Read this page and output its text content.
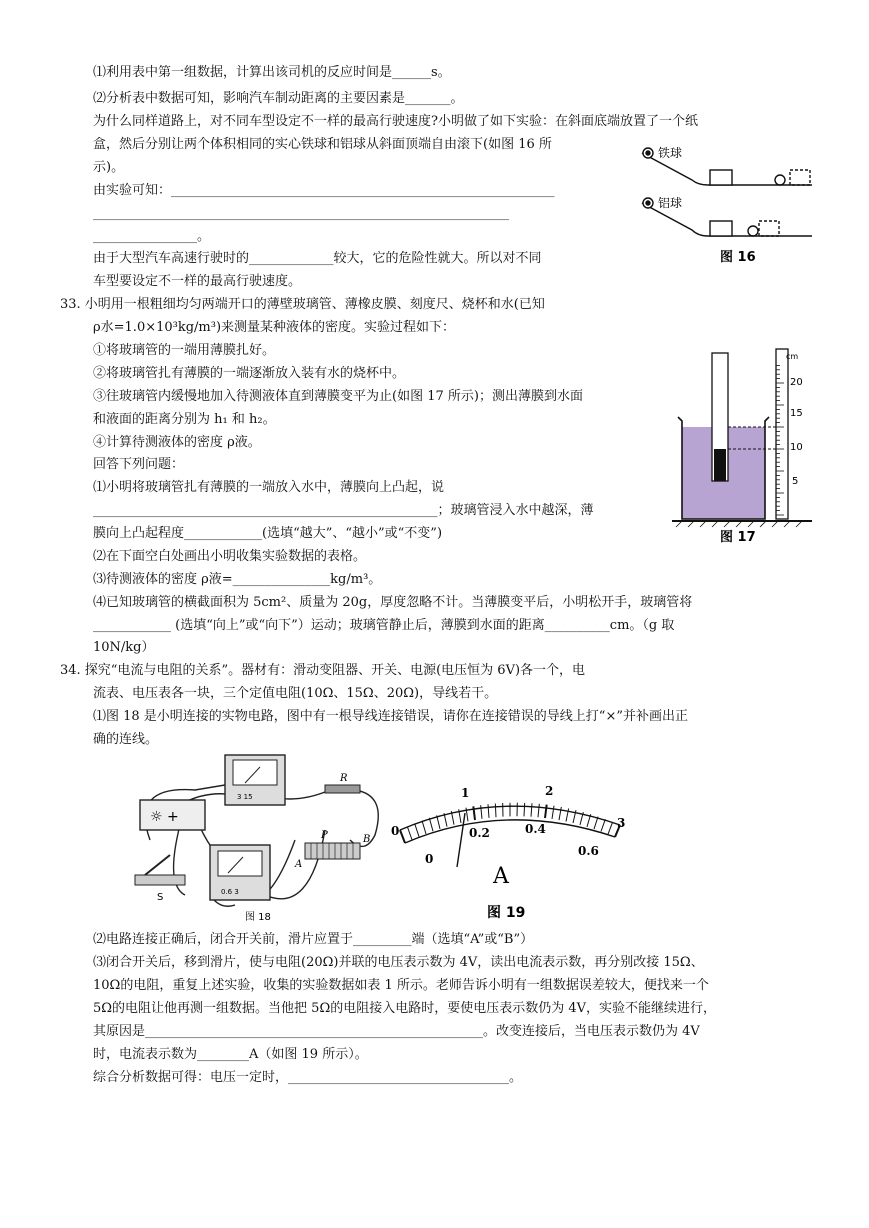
⑴利用表中第一组数据，计算出该司机的反应时间是______s。
⑵分析表中数据可知，影响汽车制动距离的主要因素是_______。
为什么同样道路上，对不同车型设定不一样的最高行驶速度?小明做了如下实验：在斜面底端放置了一个纸
盒，然后分别让两个体积相同的实心铁球和铝球从斜面顶端自由滚下(如图 16 所
示)。
由实验可知：___________________________________________________________
________________________________________________________________
________________。
由于大型汽车高速行驶时的_____________较大，它的危险性就大。所以对不同
车型要设定不一样的最高行驶速度。
33. 小明用一根粗细均匀两端开口的薄壁玻璃管、薄橡皮膜、刻度尺、烧杯和水(已知
ρ水=1.0×10³kg/m³)来测量某种液体的密度。实验过程如下：
①将玻璃管的一端用薄膜扎好。
②将玻璃管扎有薄膜的一端逐渐放入装有水的烧杯中。
③往玻璃管内缓慢地加入待测液体直到薄膜变平为止(如图 17 所示)；测出薄膜到水面
和液面的距离分别为 h₁ 和 h₂。
④计算待测液体的密度 ρ液。
回答下列问题：
⑴小明将玻璃管扎有薄膜的一端放入水中，薄膜向上凸起，说
_____________________________________________________；玻璃管浸入水中越深，薄
膜向上凸起程度____________(选填“越大”、“越小”或“不变”)
⑵在下面空白处画出小明收集实验数据的表格。
⑶待测液体的密度 ρ液=_______________kg/m³。
⑷已知玻璃管的横截面积为 5cm²、质量为 20g，厚度忽略不计。当薄膜变平后，小明松开手，玻璃管将
____________ (选填“向上”或“向下”）运动；玻璃管静止后，薄膜到水面的距离__________cm。（g 取
10N/kg）
34. 探究“电流与电阻的关系”。器材有：滑动变阻器、开关、电源(电压恒为 6V)各一个，电
流表、电压表各一块，三个定值电阻(10Ω、15Ω、20Ω)，导线若干。
⑴图 18 是小明连接的实物电路，图中有一根导线连接错误，请你在连接错误的导线上打“×”并补画出正
确的连线。
⑵电路连接正确后，闭合开关前，滑片应置于_________端（选填“A”或“B”）
⑶闭合开关后，移到滑片，使与电阻(20Ω)并联的电压表示数为 4V，读出电流表示数，再分别改接 15Ω、
10Ω的电阻，重复上述实验，收集的实验数据如表 1 所示。老师告诉小明有一组数据误差较大，便找来一个
5Ω的电阻让他再测一组数据。当他把 5Ω的电阻接入电路时，要使电压表示数仍为 4V，实验不能继续进行，
其原因是____________________________________________________。改变连接后，当电压表示数仍为 4V
时，电流表示数为________A（如图 19 所示）。
综合分析数据可得：电压一定时，__________________________________。
铁球
铝球
图 16
cm
20
15
10
5
图 17
☼ +
3 15
R
0.6 3
P
A
B
S
图 18
0
1	2
3
0
0.2	0.4
0.6
A
图 19
